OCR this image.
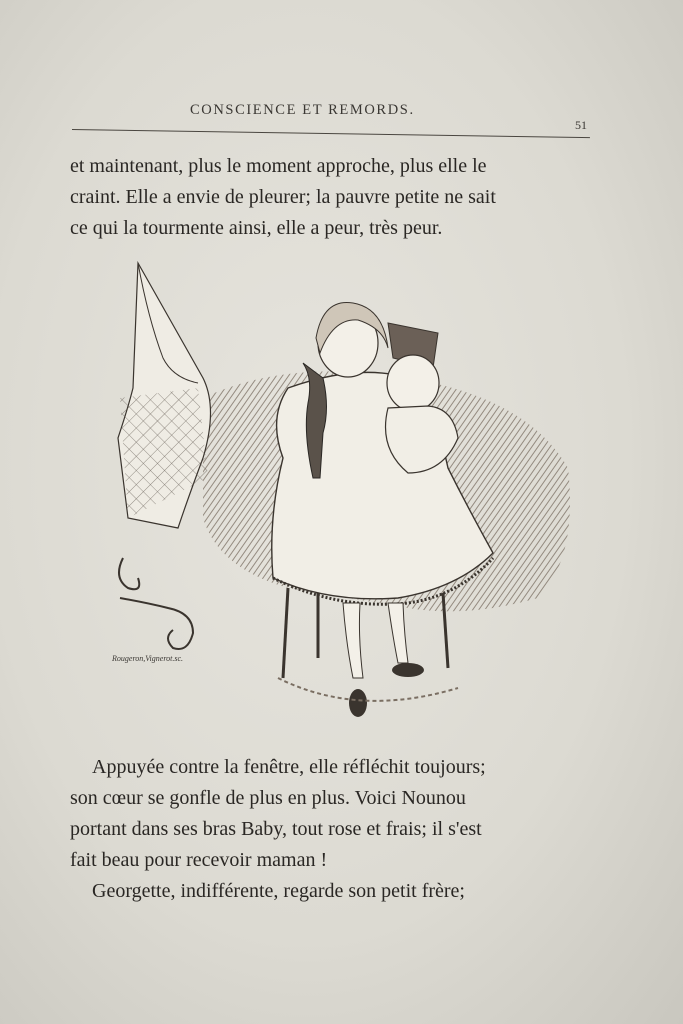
CONSCIENCE ET REMORDS.
51
et maintenant, plus le moment approche, plus elle le
craint. Elle a envie de pleurer; la pauvre petite ne sait
ce qui la tourmente ainsi, elle a peur, très peur.
Rougeron,Vignerot.sc.
Appuyée contre la fenêtre, elle réfléchit toujours;
son cœur se gonfle de plus en plus. Voici Nounou
portant dans ses bras Baby, tout rose et frais; il s'est
fait beau pour recevoir maman !
Georgette, indifférente, regarde son petit frère;
